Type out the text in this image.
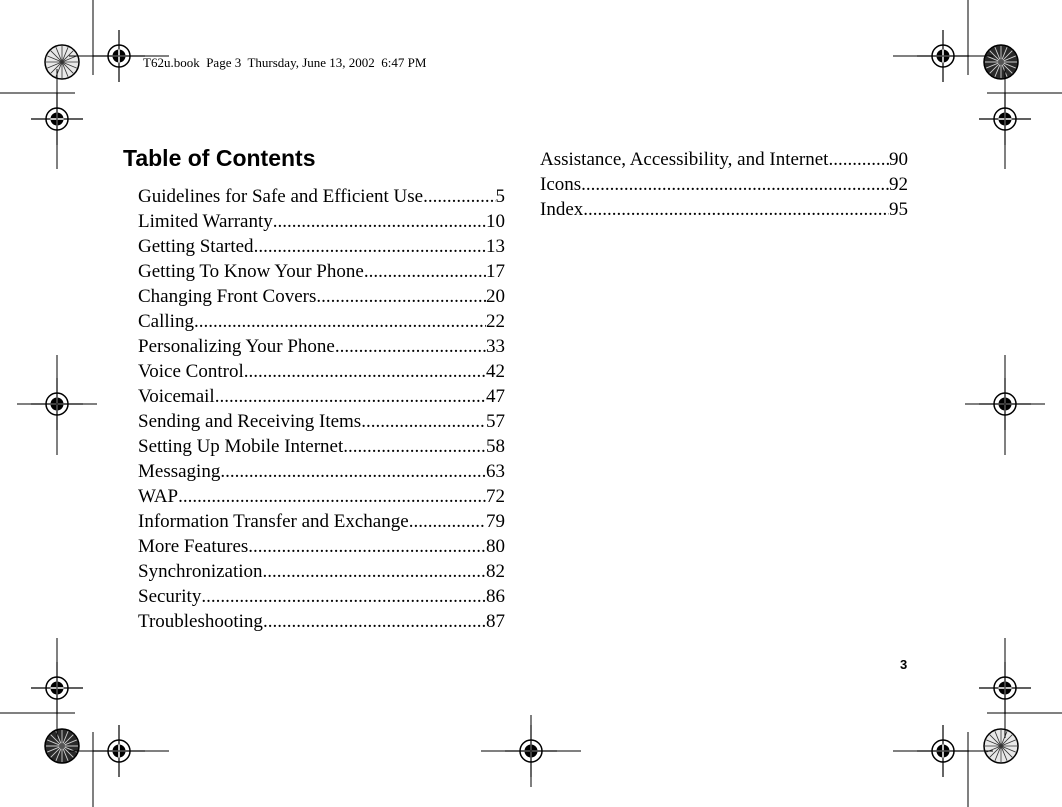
T62u.book  Page 3  Thursday, June 13, 2002  6:47 PM
Table of Contents
Guidelines for Safe and Efficient Use .....	5
Limited Warranty .....	10
Getting Started .....	13
Getting To Know Your Phone .....	17
Changing Front Covers .....	20
Calling .....	22
Personalizing Your Phone .....	33
Voice Control .....	42
Voicemail .....	47
Sending and Receiving Items .....	57
Setting Up Mobile Internet .....	58
Messaging .....	63
WAP .....	72
Information Transfer and Exchange .....	79
More Features .....	80
Synchronization .....	82
Security .....	86
Troubleshooting .....	87
Assistance, Accessibility, and Internet .....	90
Icons .....	92
Index .....	95
3
